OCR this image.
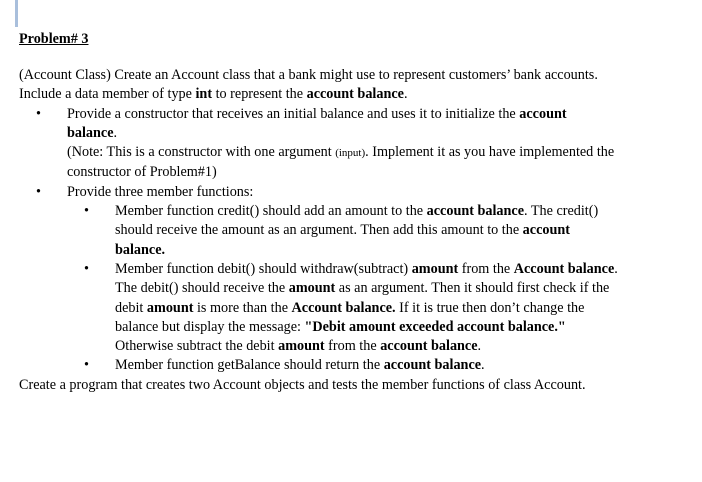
Problem# 3

(Account Class) Create an Account class that a bank might use to represent customers’ bank accounts. Include a data member of type int to represent the account balance.

• Provide a constructor that receives an initial balance and uses it to initialize the account balance.
(Note: This is a constructor with one argument (input). Implement it as you have implemented the constructor of Problem#1)
• Provide three member functions:
• Member function credit() should add an amount to the account balance. The credit() should receive the amount as an argument. Then add this amount to the account balance.
• Member function debit() should withdraw(subtract) amount from the Account balance. The debit() should receive the amount as an argument. Then it should first check if the debit amount is more than the Account balance. If it is true then don’t change the balance but display the message: "Debit amount exceeded account balance." Otherwise subtract the debit amount from the account balance.
• Member function getBalance should return the account balance.

Create a program that creates two Account objects and tests the member functions of class Account.
